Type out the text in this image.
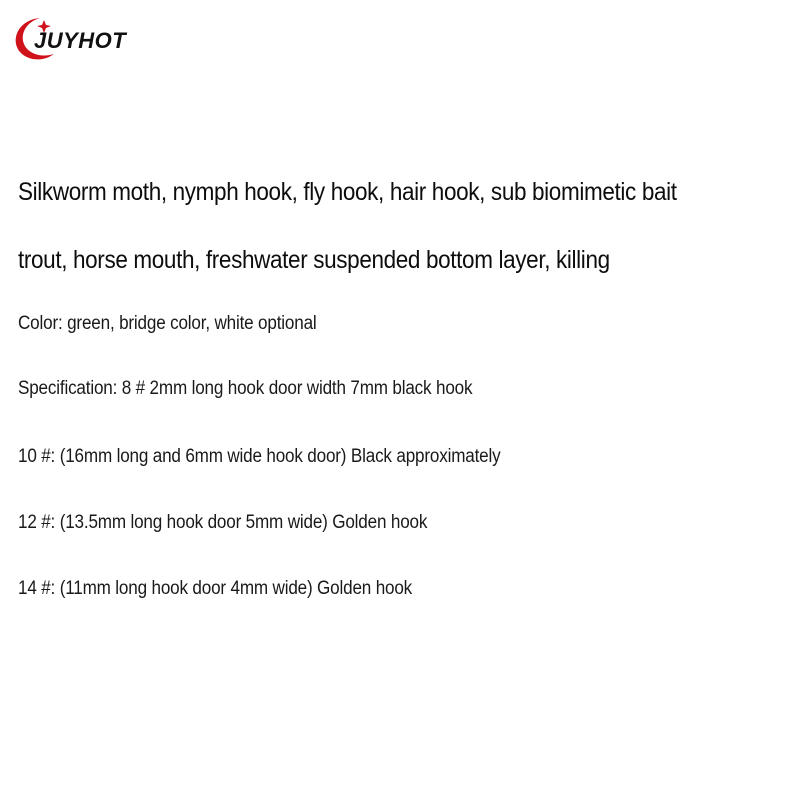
JUYHOT
Silkworm moth, nymph hook, fly hook, hair hook, sub biomimetic bait
trout, horse mouth, freshwater suspended bottom layer, killing
Color: green, bridge color, white optional
Specification: 8 # 2mm long hook door width 7mm black hook
10 #: (16mm long and 6mm wide hook door) Black approximately
12 #: (13.5mm long hook door 5mm wide) Golden hook
14 #: (11mm long hook door 4mm wide) Golden hook
